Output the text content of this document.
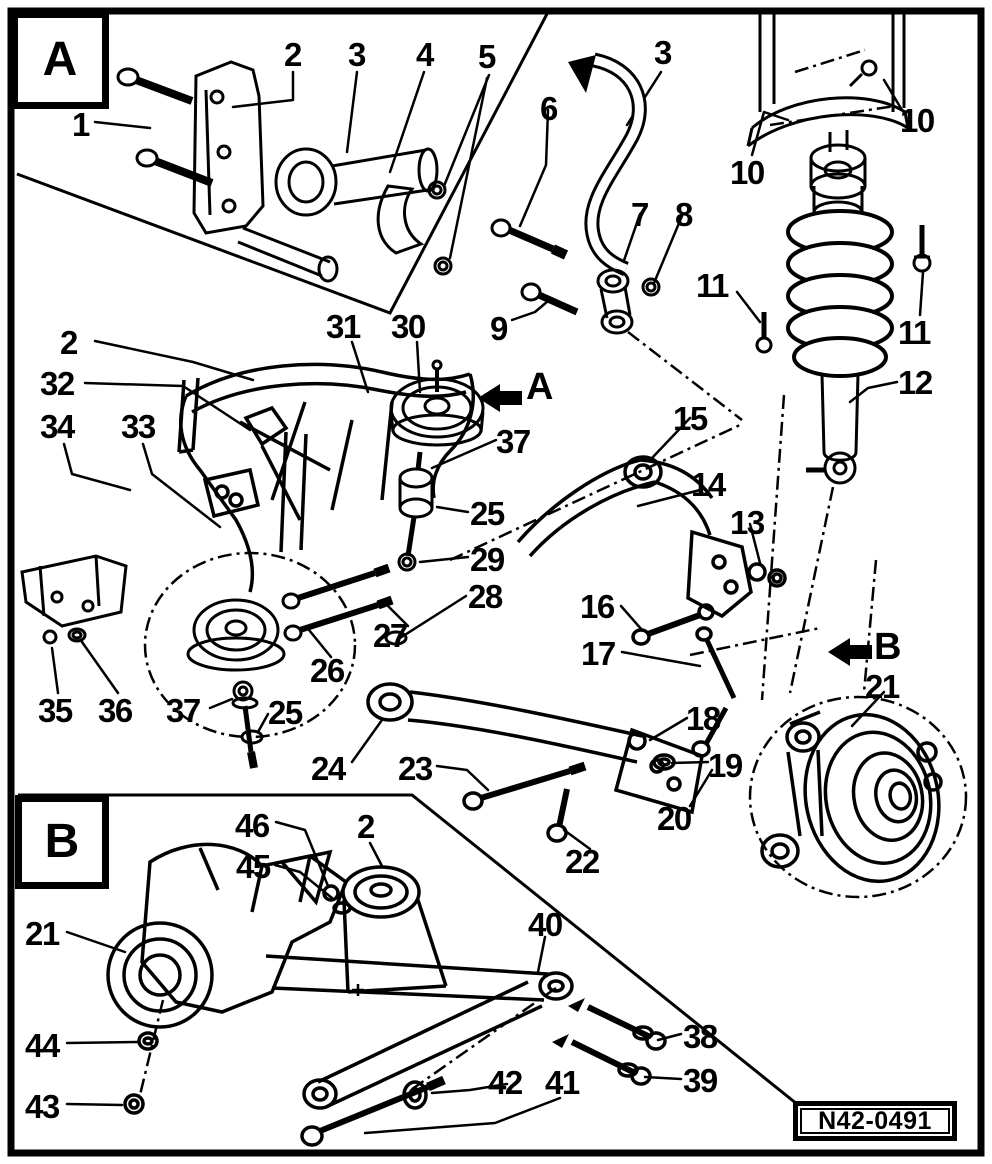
A
B
A
B
1
2 3 4 5	3
6
7 8
9
10
10
11
11
12
2
32
34 33
31 30
37
25
29
28
27
26
16
17
15
14
13
21
35 36 37 25
24 23
18
19
20
22
46	2
45
21
44
43
40
38
39
42 41
N42-0491
